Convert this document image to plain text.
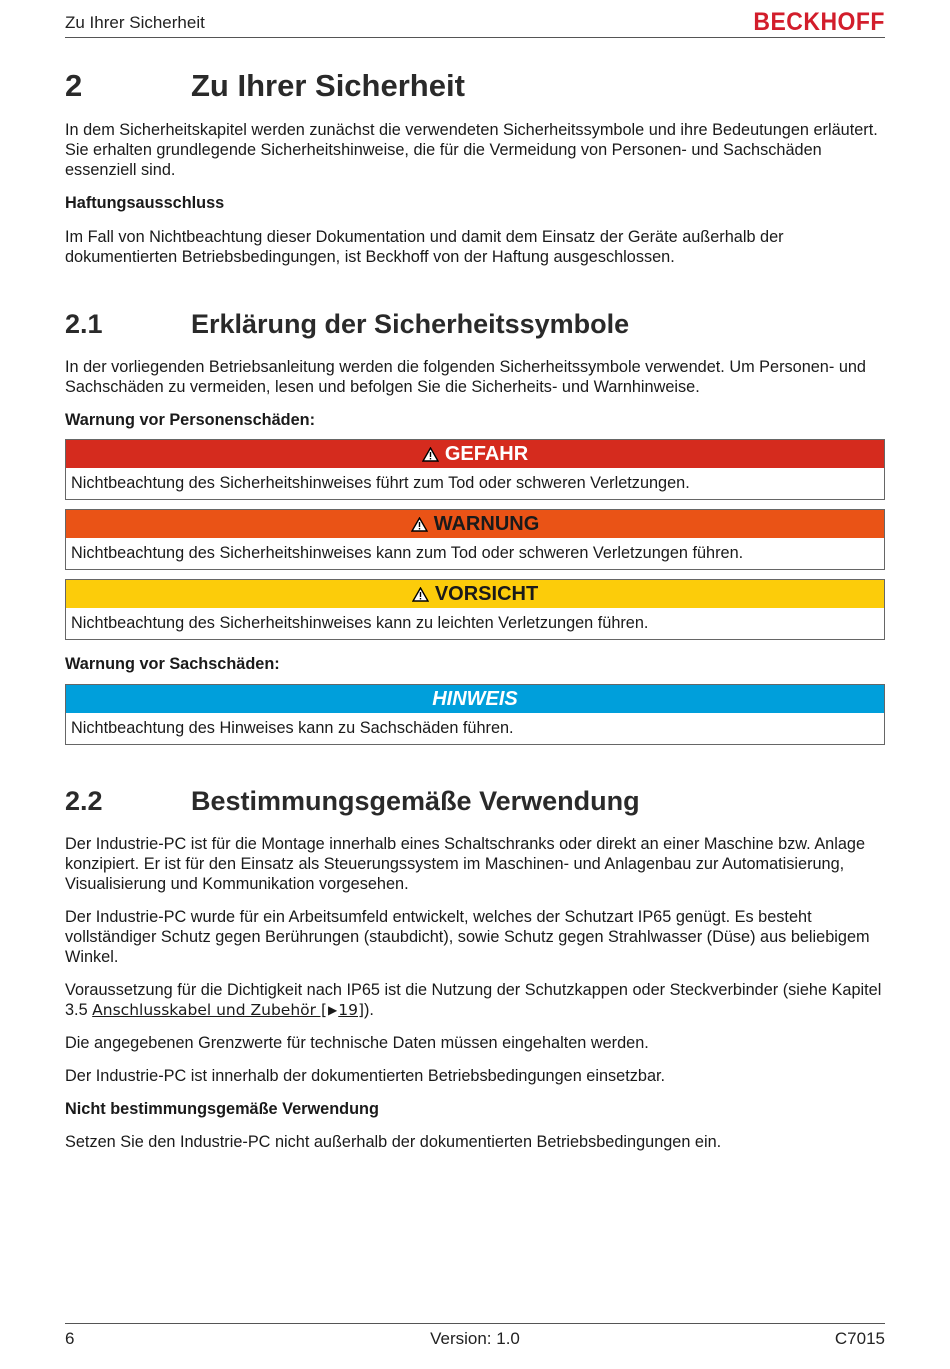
Zu Ihrer Sicherheit	BECKHOFF
2	Zu Ihrer Sicherheit

In dem Sicherheitskapitel werden zunächst die verwendeten Sicherheitssymbole und ihre Bedeutungen erläutert. Sie erhalten grundlegende Sicherheitshinweise, die für die Vermeidung von Personen- und Sachschäden essenziell sind.

Haftungsausschluss

Im Fall von Nichtbeachtung dieser Dokumentation und damit dem Einsatz der Geräte außerhalb der dokumentierten Betriebsbedingungen, ist Beckhoff von der Haftung ausgeschlossen.

2.1	Erklärung der Sicherheitssymbole

In der vorliegenden Betriebsanleitung werden die folgenden Sicherheitssymbole verwendet. Um Personen- und Sachschäden zu vermeiden, lesen und befolgen Sie die Sicherheits- und Warnhinweise.

Warnung vor Personenschäden:

GEFAHR
Nichtbeachtung des Sicherheitshinweises führt zum Tod oder schweren Verletzungen.
WARNUNG
Nichtbeachtung des Sicherheitshinweises kann zum Tod oder schweren Verletzungen führen.
VORSICHT
Nichtbeachtung des Sicherheitshinweises kann zu leichten Verletzungen führen.

Warnung vor Sachschäden:

HINWEIS
Nichtbeachtung des Hinweises kann zu Sachschäden führen.
2.2	Bestimmungsgemäße Verwendung

Der Industrie-PC ist für die Montage innerhalb eines Schaltschranks oder direkt an einer Maschine bzw. Anlage konzipiert. Er ist für den Einsatz als Steuerungssystem im Maschinen- und Anlagenbau zur Automatisierung, Visualisierung und Kommunikation vorgesehen.

Der Industrie-PC wurde für ein Arbeitsumfeld entwickelt, welches der Schutzart IP65 genügt. Es besteht vollständiger Schutz gegen Berührungen (staubdicht), sowie Schutz gegen Strahlwasser (Düse) aus beliebigem Winkel.

Voraussetzung für die Dichtigkeit nach IP65 ist die Nutzung der Schutzkappen oder Steckverbinder (siehe Kapitel 3.5 Anschlusskabel und Zubehör [▶19]).

Die angegebenen Grenzwerte für technische Daten müssen eingehalten werden.

Der Industrie-PC ist innerhalb der dokumentierten Betriebsbedingungen einsetzbar.

Nicht bestimmungsgemäße Verwendung

Setzen Sie den Industrie-PC nicht außerhalb der dokumentierten Betriebsbedingungen ein.

6	Version: 1.0	C7015
